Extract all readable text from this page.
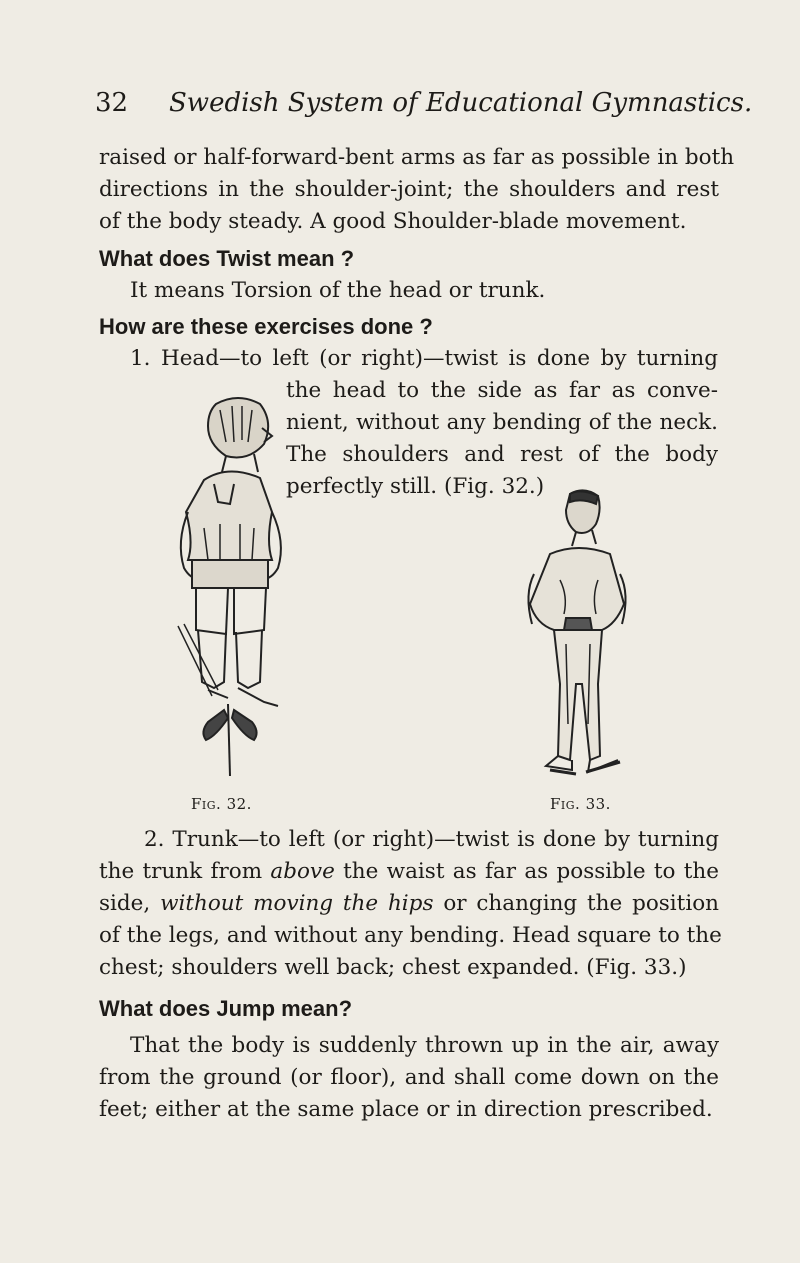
32 Swedish System of Educational Gymnastics.
raised or half-forward-bent arms as far as possible in both
directions in the shoulder-joint; the shoulders and rest
of the body steady. A good Shoulder-blade movement.
What does Twist mean ?
It means Torsion of the head or trunk.
How are these exercises done ?
1. Head—to left (or right)—twist is done by turning
the head to the side as far as conve-
nient, without any bending of the neck.
The shoulders and rest of the body
perfectly still. (Fig. 32.)
Fig. 32.	Fig. 33.
2. Trunk—to left (or right)—twist is done by turning
the trunk from above the waist as far as possible to the
side, without moving the hips or changing the position
of the legs, and without any bending. Head square to the
chest; shoulders well back; chest expanded. (Fig. 33.)
What does Jump mean?
That the body is suddenly thrown up in the air, away
from the ground (or floor), and shall come down on the
feet; either at the same place or in direction prescribed.
